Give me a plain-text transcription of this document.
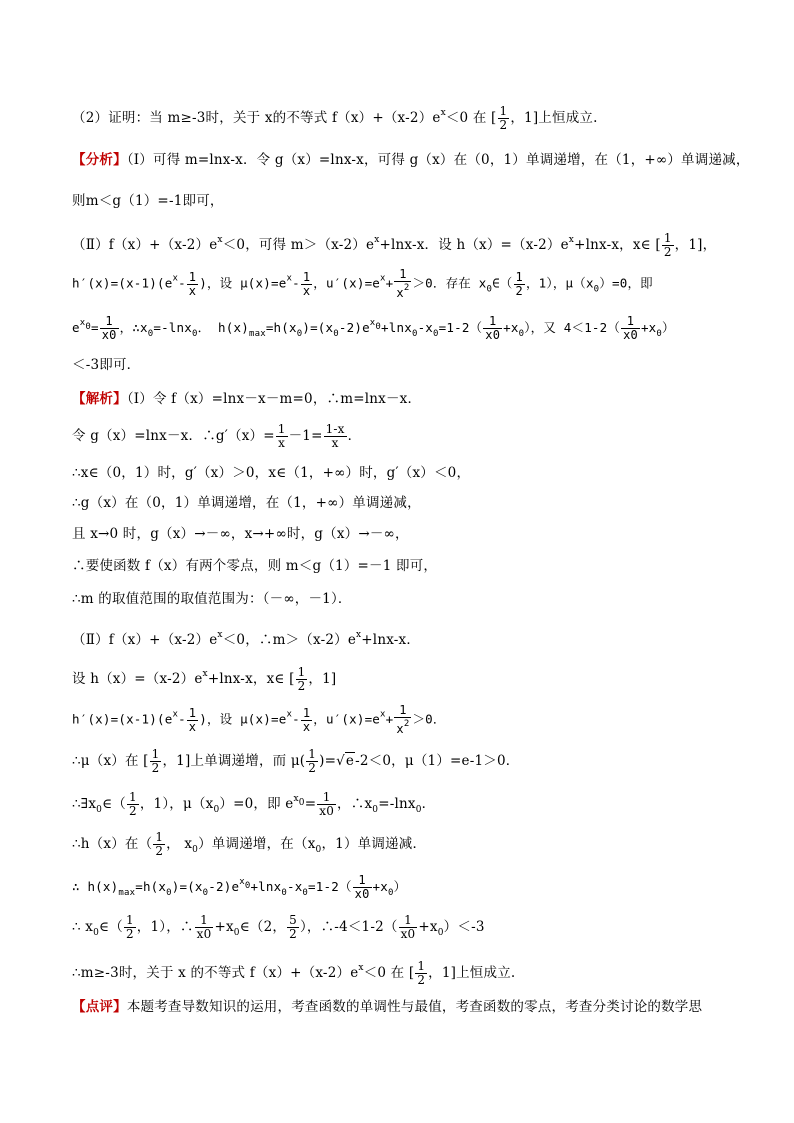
（2）证明：当 m≥-3时，关于 x的不等式 $f(x)+(x-2)e^x<0$ 在 [ $\frac{1}{2}$ ，1]上恒成立.
【分析】（Ⅰ）可得 m=lnx-x．令 g（x）=lnx-x，可得 g（x）在（0，1）单调递增，在（1，+∞）单调递减，
则m＜g（1）=-1即可，
$(Ⅱ)f(x)+(x-2)e^x<0$，可得 $m>(x-2)e^x+\ln x-x$．设 $h(x)=(x-2)e^x+\ln x-x$，x∈ [ $\frac{1}{2}$ ，1]，
$h'(x)=(x-1)(e^x- \frac{1}{x}$ )，设 $\mu(x)=e^x- \frac{1}{x}$ ，$u'(x)=e^x+ \frac{1}{x^2} >0$．存在 $x_0\in( \frac{1}{2}$ ，1），$\mu(x_0)=0$，即
$e^{x0}= \frac{1}{x0}$ ，$\therefore x_0=-\ln x_0$． $h(x)_{max}=h(x_0)=(x_0-2)e^{x0}+\ln x_0-x_0=1-2( \frac{1}{x0} +x_0)$，又 $4<1-2( \frac{1}{x0} +x_0)$
＜-3即可．
【解析】（Ⅰ）令 f（x）=lnx－x－m=0，∴m=lnx－x．
令 g（x）=lnx－x．∴g′（x）= $\frac{1}{x} -1= \frac{1-x}{x}$ ．
∴x∈（0，1）时，g′（x）＞0，x∈（1，+∞）时，g′（x）＜0，
∴g（x）在（0，1）单调递增，在（1，+∞）单调递减，
且 x→0 时，g（x）→－∞，x→+∞时，g（x）→－∞，
∴要使函数 f（x）有两个零点，则 m＜g（1）=－1 即可，
∴m 的取值范围的取值范围为：（－∞，－1）．
$(Ⅱ)f(x)+(x-2)e^x<0$，$\therefore m>(x-2)e^x+\ln x-x$．
设 $h(x)=(x-2)e^x+\ln x-x$，x∈ [ $\frac{1}{2}$ ，1]
$h'(x)=(x-1)(e^x- \frac{1}{x}$ )，设 $\mu(x)=e^x- \frac{1}{x}$ ，$u'(x)=e^x+ \frac{1}{x^2} >0$．
∴μ（x）在 [ $\frac{1}{2}$ ，1]上单调递增，而 $\mu( \frac{1}{2} )=√e-2<0$，μ（1）=e-1＞0．
$\therefore\exists x_0\in( \frac{1}{2}$ ，1），$\mu(x_0)=0$，即 $e^{x0}= \frac{1}{x0}$ ，$\therefore x_0=-\ln x_0$．
∴h（x）在（ $\frac{1}{2}$ ， $x_0$）单调递增，在（$x_0$，1）单调递减．
∴ $h(x)_{max}=h(x_0)=(x_0-2)e^{x0}+\ln x_0-x_0=1-2( \frac{1}{x0} +x_0)$
∴ $x_0\in( \frac{1}{2}$ ，1），∴ $\frac{1}{x0}$ $+x_0\in(2$， $\frac{5}{2}$ ），∴-4＜1-2（ $\frac{1}{x0} +x_0)<-3$
∴m≥-3时，关于 x 的不等式 $f(x)+(x-2)e^x<0$ 在 [ $\frac{1}{2}$ ，1]上恒成立.
【点评】本题考查导数知识的运用，考查函数的单调性与最值，考查函数的零点，考查分类讨论的数学思
